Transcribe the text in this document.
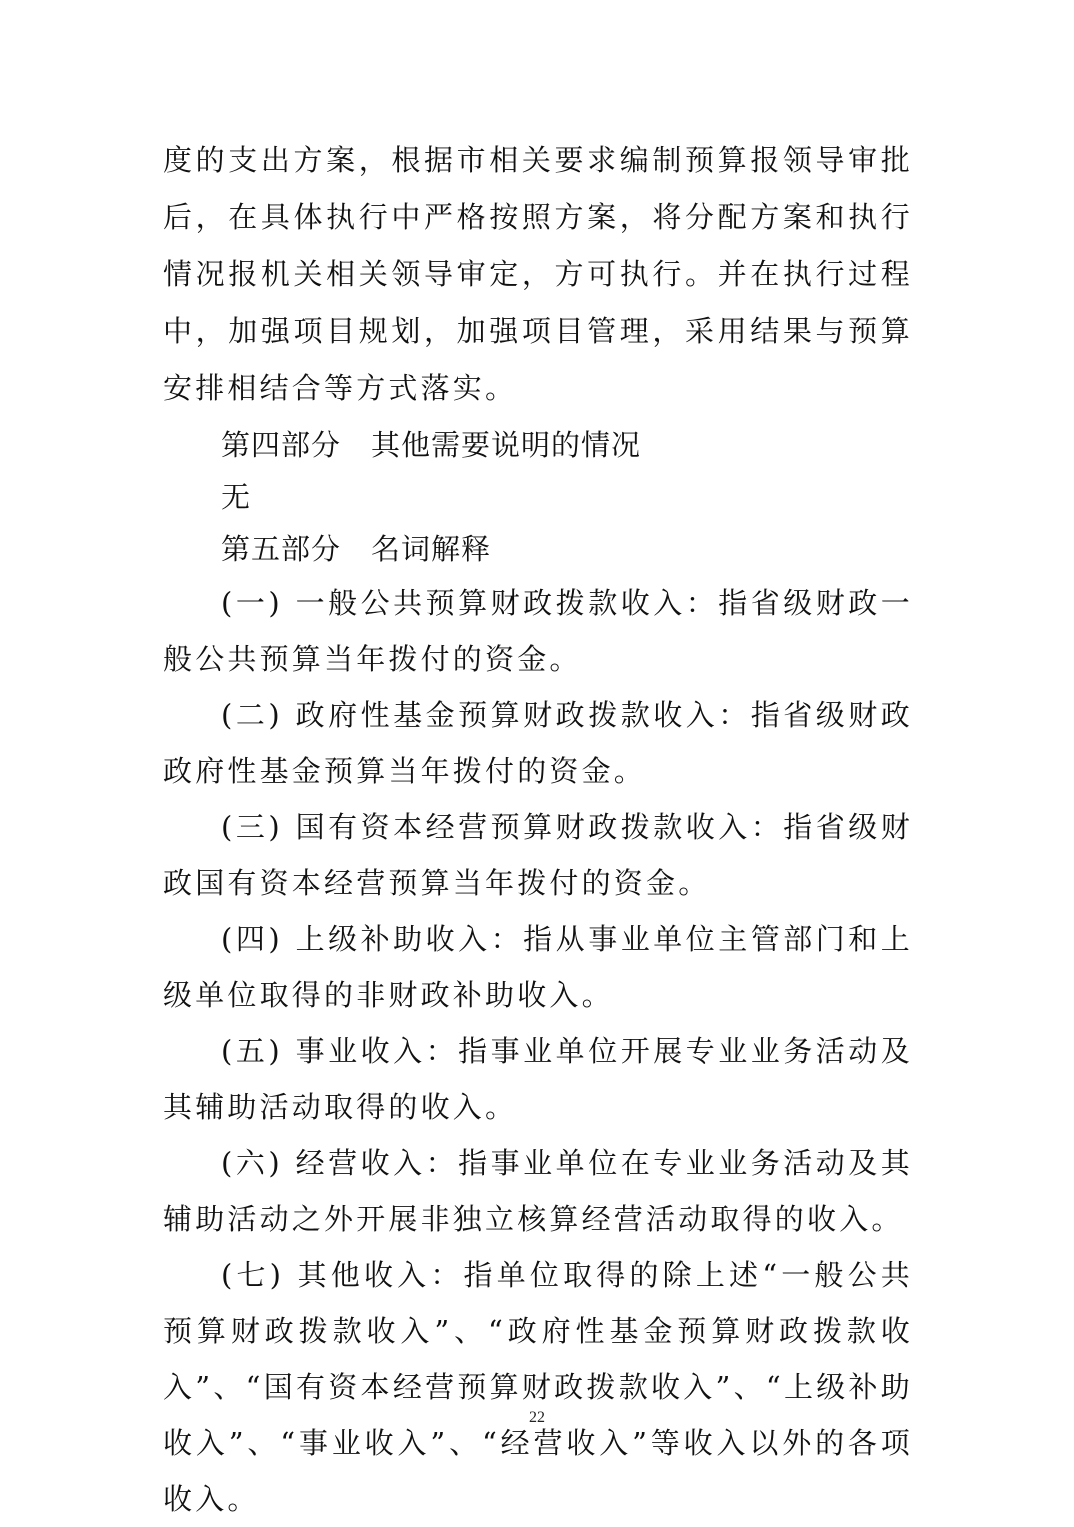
度的支出方案，根据市相关要求编制预算报领导审批后，在具体执行中严格按照方案，将分配方案和执行情况报机关相关领导审定，方可执行。并在执行过程中，加强项目规划，加强项目管理，采用结果与预算安排相结合等方式落实。

第四部分　其他需要说明的情况

无

第五部分　名词解释

(一) 一般公共预算财政拨款收入：指省级财政一般公共预算当年拨付的资金。

(二) 政府性基金预算财政拨款收入：指省级财政政府性基金预算当年拨付的资金。

(三) 国有资本经营预算财政拨款收入：指省级财政国有资本经营预算当年拨付的资金。

(四) 上级补助收入：指从事业单位主管部门和上级单位取得的非财政补助收入。

(五) 事业收入：指事业单位开展专业业务活动及其辅助活动取得的收入。

(六) 经营收入：指事业单位在专业业务活动及其辅助活动之外开展非独立核算经营活动取得的收入。

(七) 其他收入：指单位取得的除上述“一般公共预算财政拨款收入”、“政府性基金预算财政拨款收入”、“国有资本经营预算财政拨款收入”、“上级补助收入”、“事业收入”、“经营收入”等收入以外的各项收入。

22
